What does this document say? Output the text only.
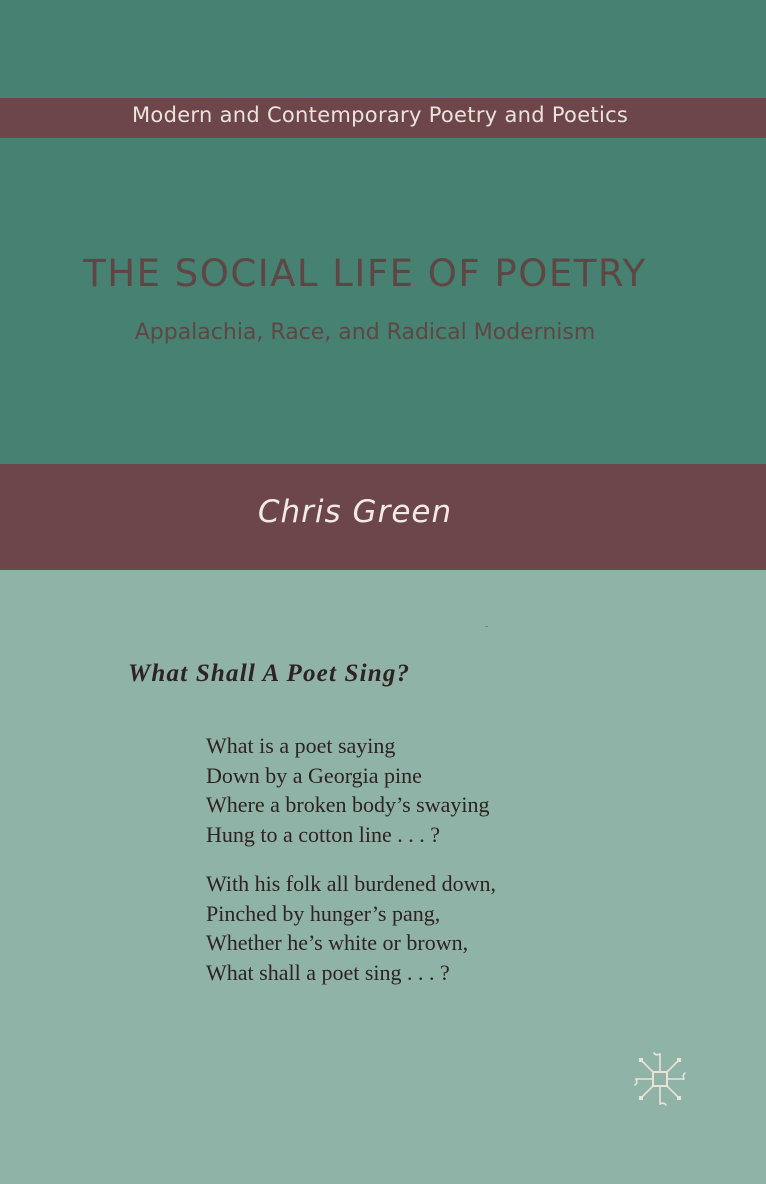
Modern and Contemporary Poetry and Poetics
THE SOCIAL LIFE OF POETRY
Appalachia, Race, and Radical Modernism
Chris Green
What Shall A Poet Sing?
What is a poet saying
Down by a Georgia pine
Where a broken body’s swaying
Hung to a cotton line . . . ?
With his folk all burdened down,
Pinched by hunger’s pang,
Whether he’s white or brown,
What shall a poet sing . . . ?
